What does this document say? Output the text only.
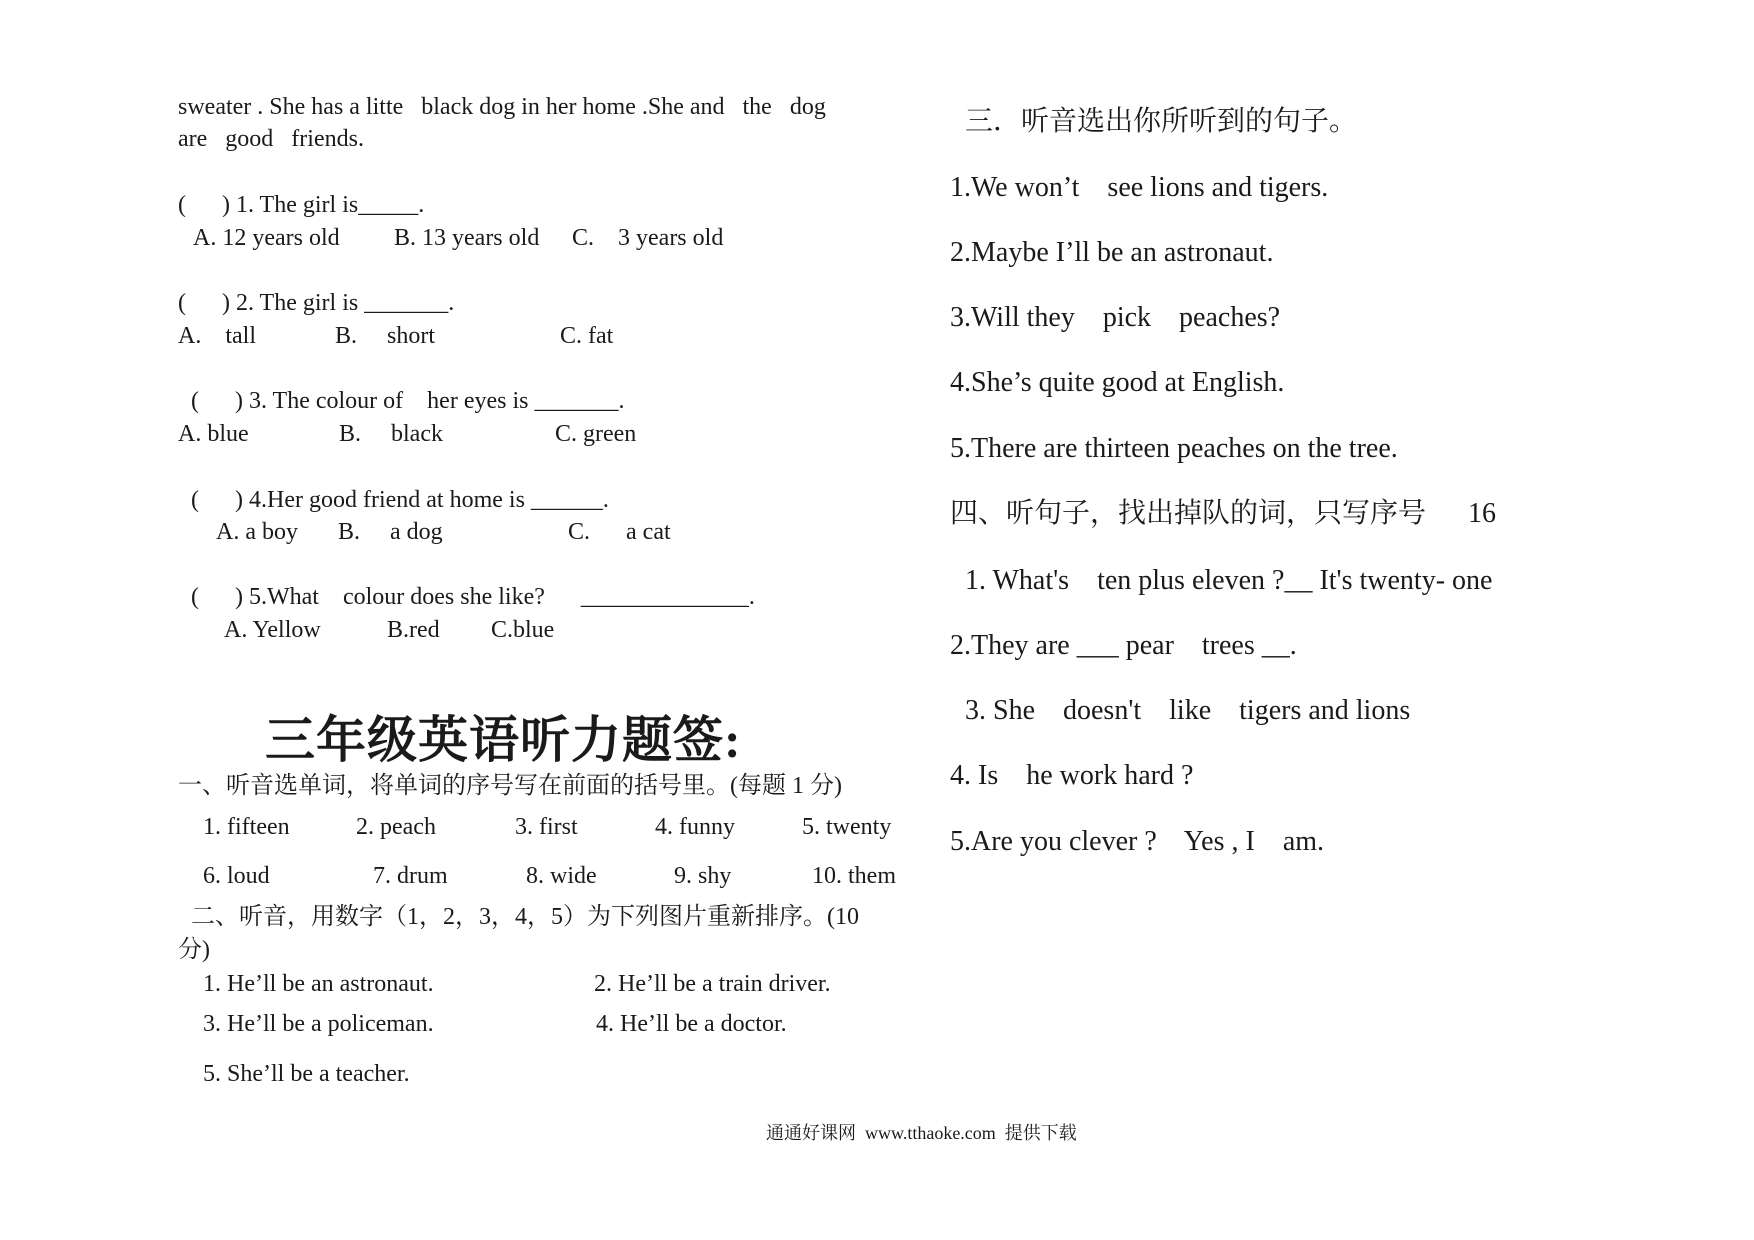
sweater . She has a litte   black dog in her home .She and   the   dog
are   good   friends.
(      ) 1. The girl is_____.
A. 12 years old B. 13 years old C.    3 years old
(      ) 2. The girl is _______.
A.    tall	B.     short	C. fat
(      ) 3. The colour of    her eyes is _______.
A. blue	B.     black	C. green
(      ) 4.Her good friend at home is ______.
A. a boy B.     a dog	C.      a cat
(      ) 5.What    colour does she like?      ______________.
A. Yellow	B.red C.blue
三年级英语听力题签:
一、听音选单词，将单词的序号写在前面的括号里。(每题 1 分)
1. fifteen	2. peach	3. first	4. funny	5. twenty
6. loud	7. drum	8. wide	9. shy	10. them
二、听音，用数字（1，2，3，4，5）为下列图片重新排序。(10
分)
1. He’ll be an astronaut.	2. He’ll be a train driver.
3. He’ll be a policeman.	4. He’ll be a doctor.
5. She’ll be a teacher.
三．听音选出你所听到的句子。
1.We won’t    see lions and tigers.
2.Maybe I’ll be an astronaut.
3.Will they    pick    peaches?
4.She’s quite good at English.
5.There are thirteen peaches on the tree.
四、听句子，找出掉队的词，只写序号      16
1. What's    ten plus eleven ?__ It's twenty- one
2.They are ___ pear    trees __.
3. She    doesn't    like    tigers and lions
4. Is    he work hard ?
5.Are you clever ?    Yes , I    am.
通通好课网  www.tthaoke.com  提供下载
